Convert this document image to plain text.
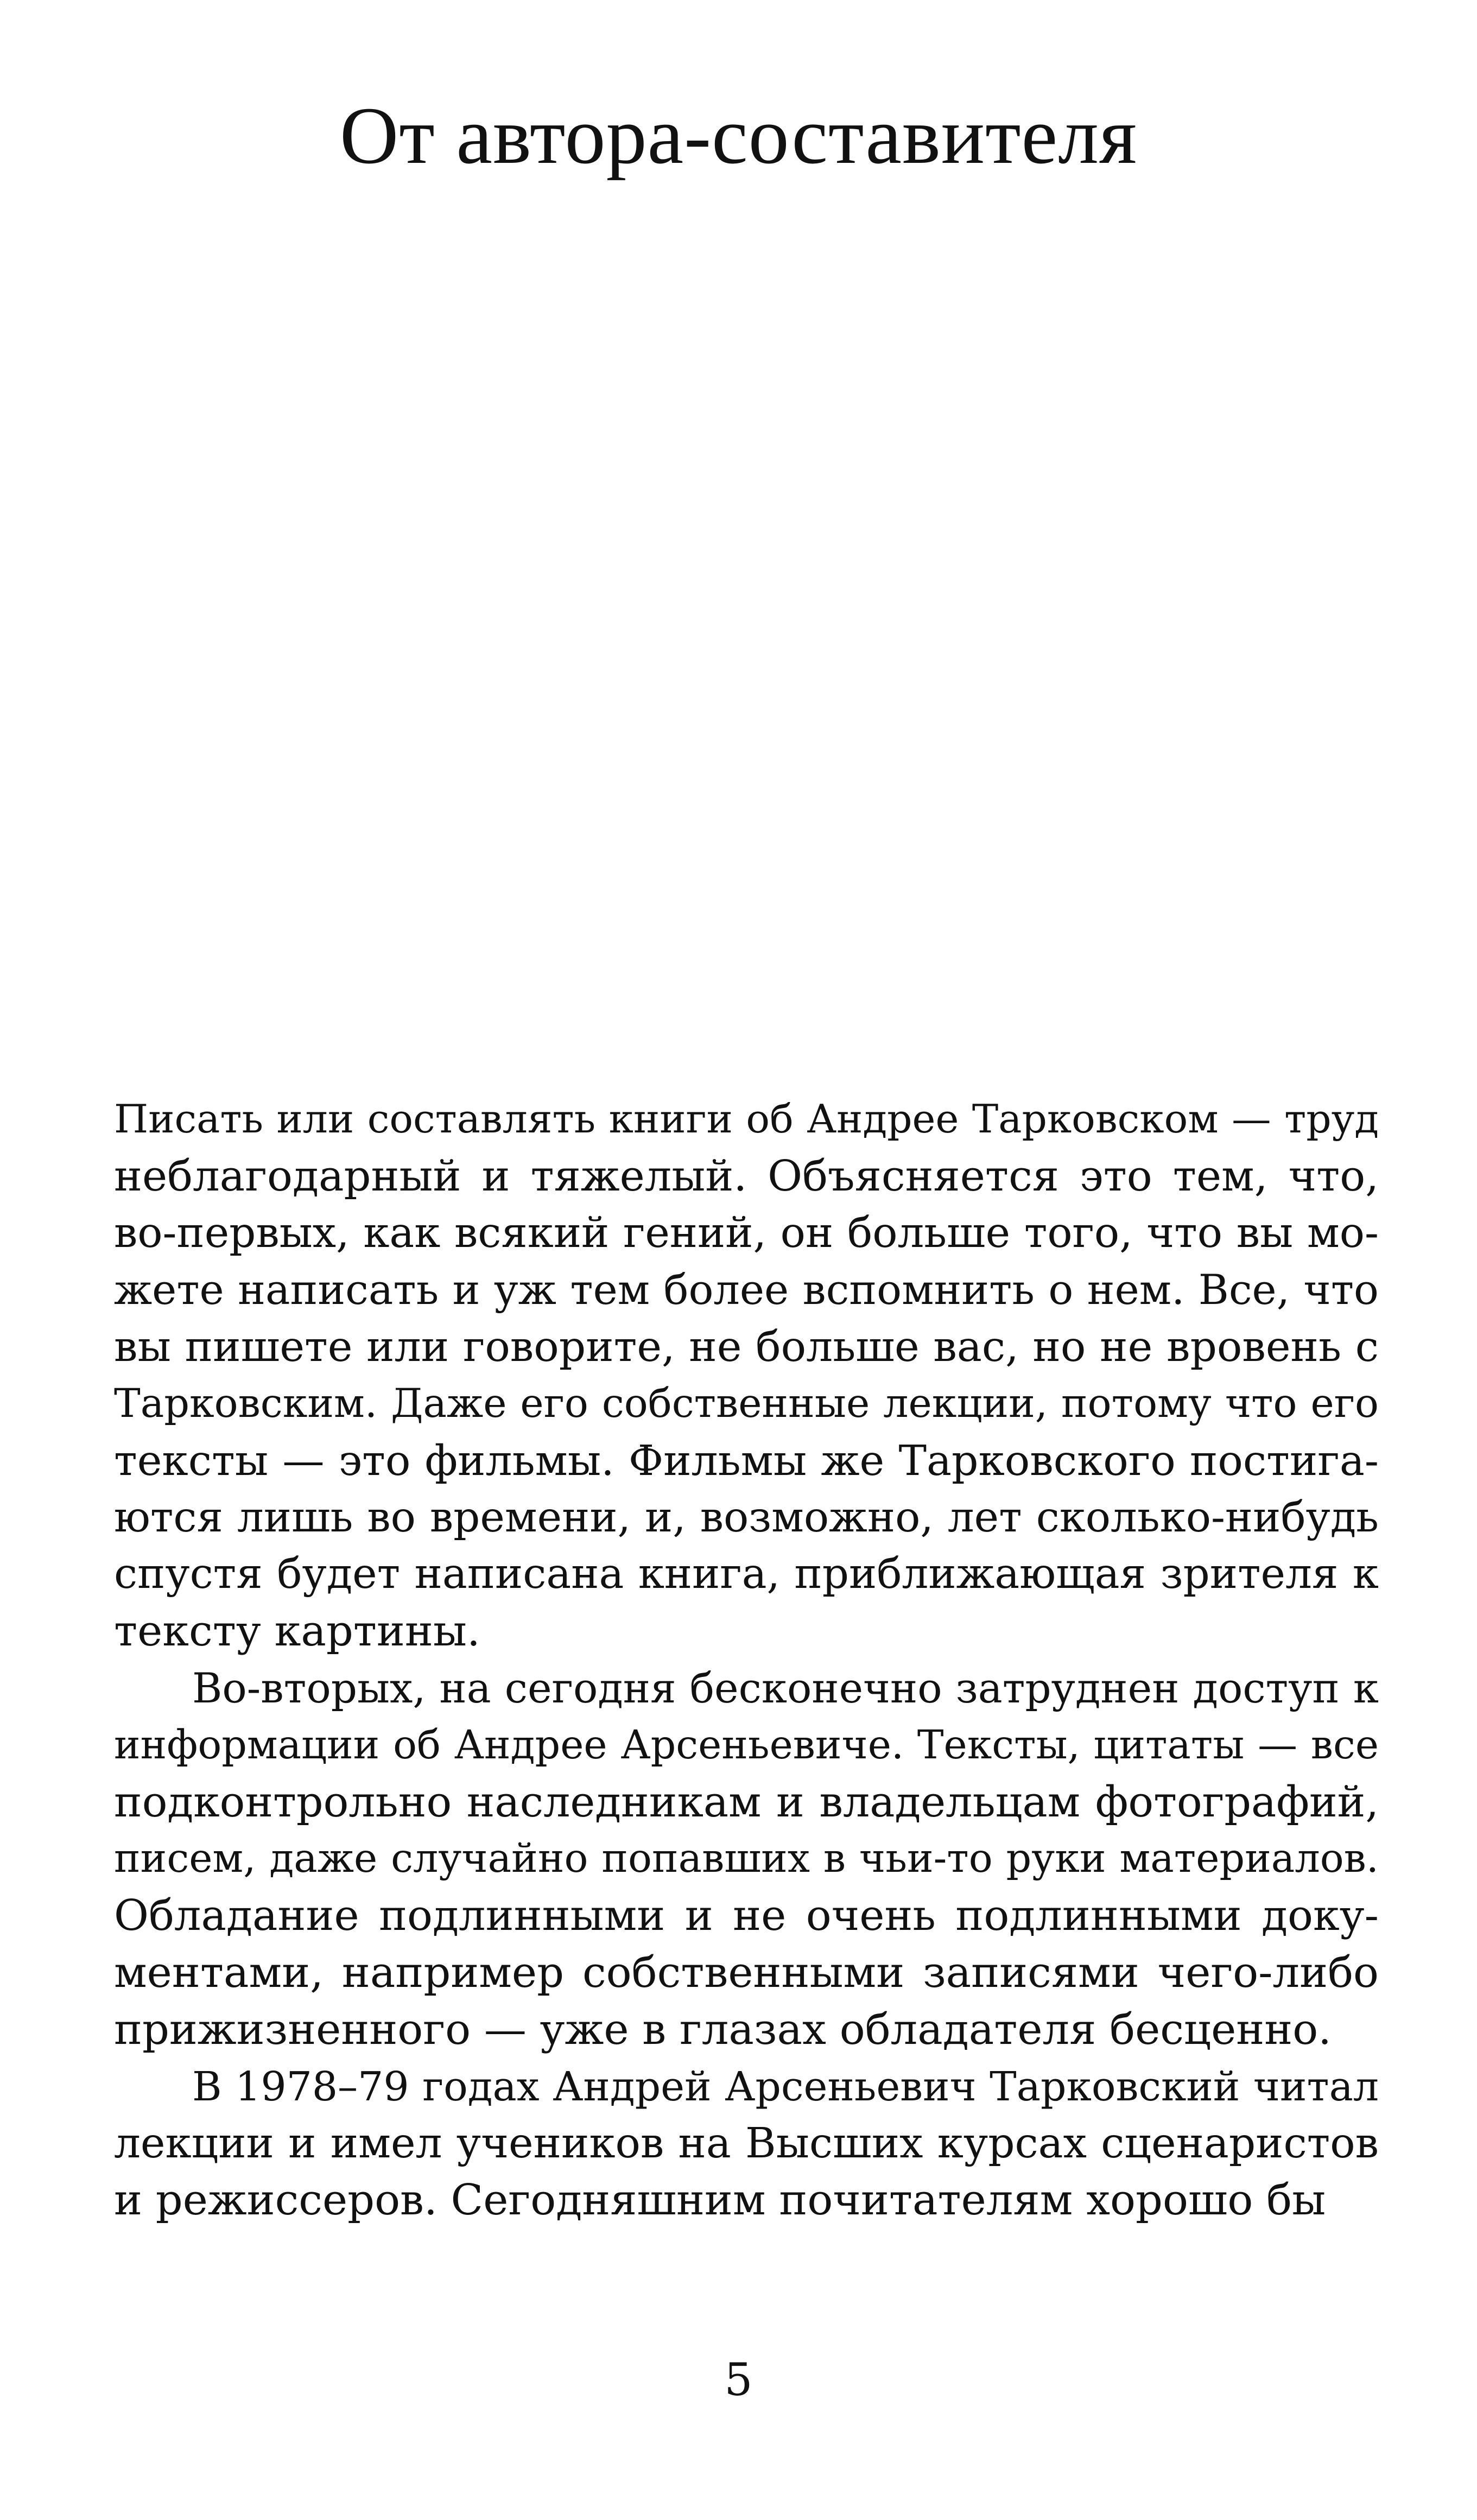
От автора-составителя
Писать или составлять книги об Андрее Тарковском — труд
неблагодарный и тяжелый. Объясняется это тем, что,
во-первых, как всякий гений, он больше того, что вы мо-
жете написать и уж тем более вспомнить о нем. Все, что
вы пишете или говорите, не больше вас, но не вровень с
Тарковским. Даже его собственные лекции, потому что его
тексты — это фильмы. Фильмы же Тарковского постига-
ются лишь во времени, и, возможно, лет сколько-нибудь
спустя будет написана книга, приближающая зрителя к
тексту картины.
Во-вторых, на сегодня бесконечно затруднен доступ к
информации об Андрее Арсеньевиче. Тексты, цитаты — все
подконтрольно наследникам и владельцам фотографий,
писем, даже случайно попавших в чьи-то руки материалов.
Обладание подлинными и не очень подлинными доку-
ментами, например собственными записями чего-либо
прижизненного — уже в глазах обладателя бесценно.
В 1978–79 годах Андрей Арсеньевич Тарковский читал
лекции и имел учеников на Высших курсах сценаристов
и режиссеров. Сегодняшним почитателям хорошо бы
5
